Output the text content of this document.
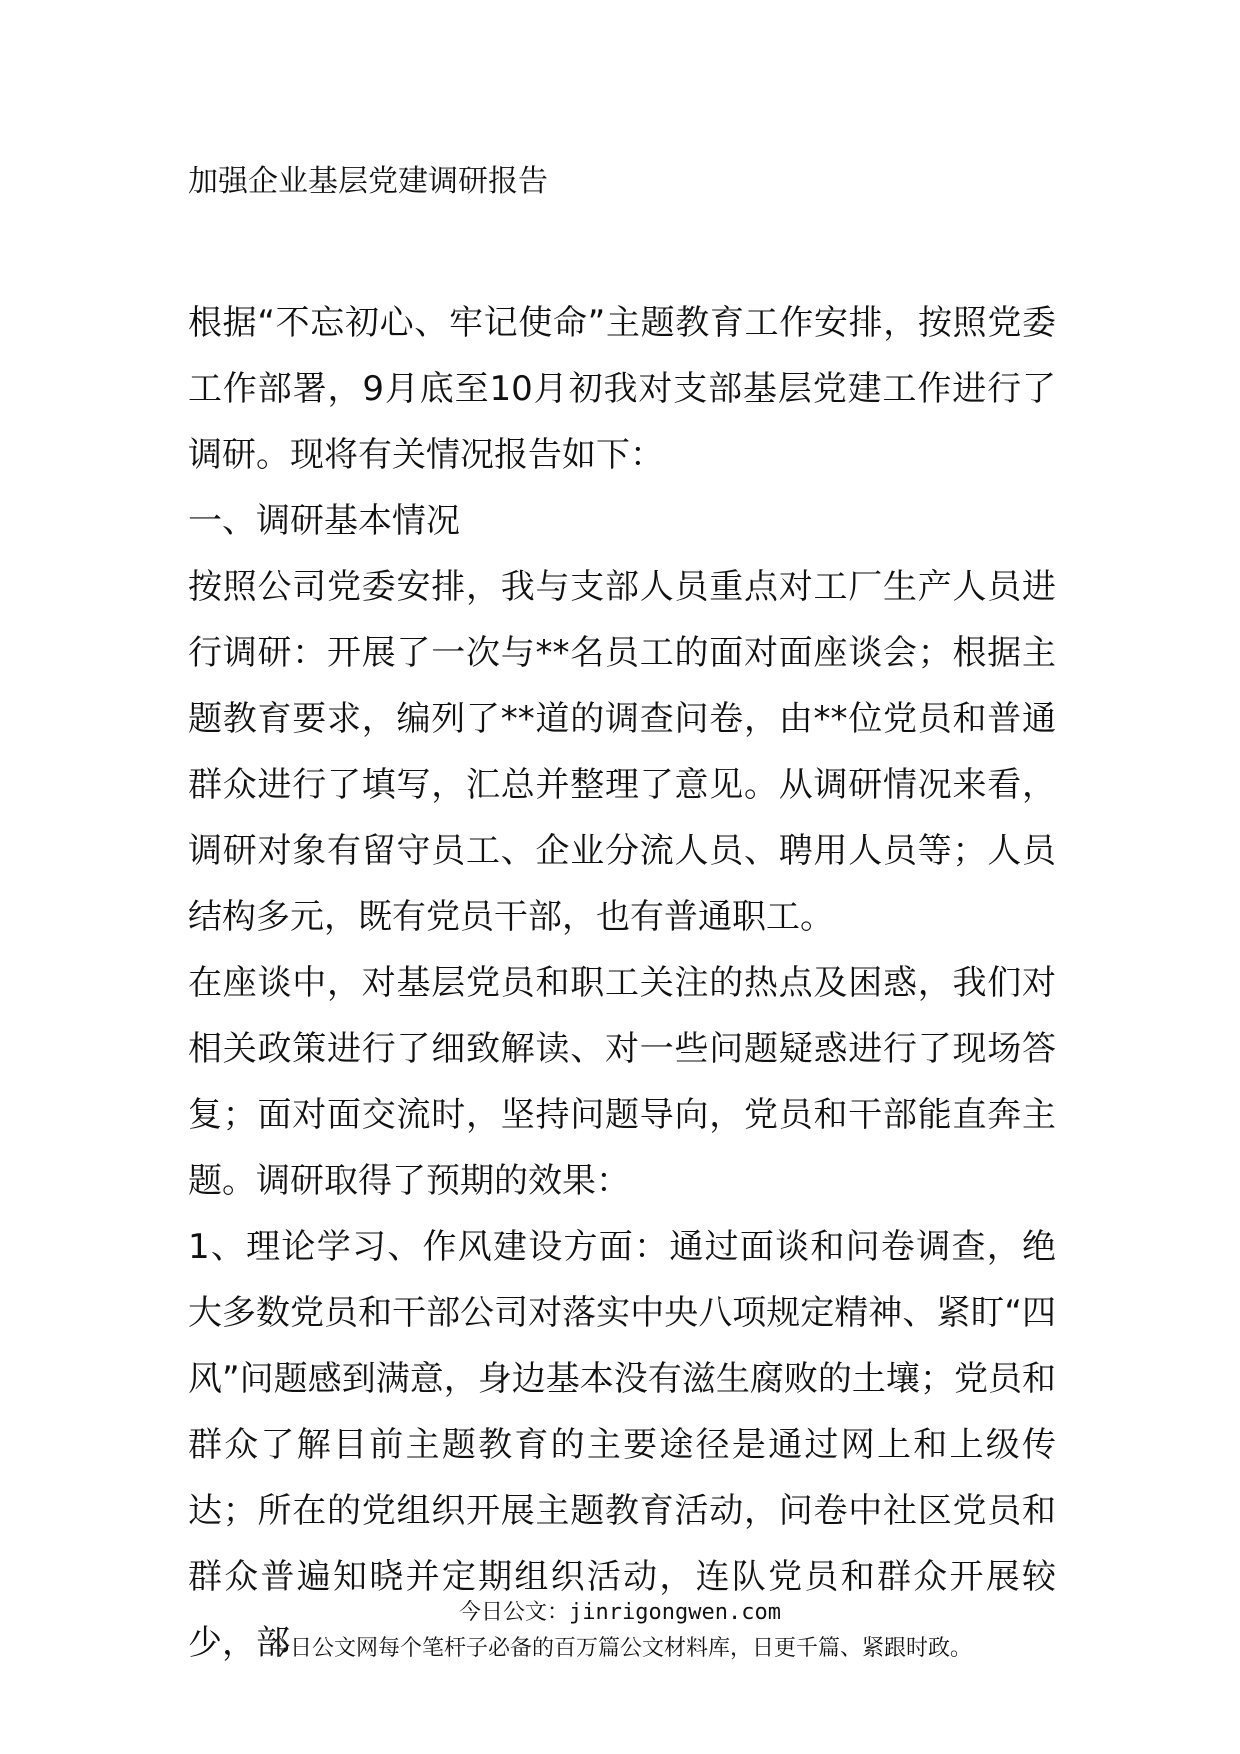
加强企业基层党建调研报告

根据“不忘初心、牢记使命”主题教育工作安排，按照党委工作部署，9月底至10月初我对支部基层党建工作进行了调研。现将有关情况报告如下：

一、调研基本情况

按照公司党委安排，我与支部人员重点对工厂生产人员进行调研：开展了一次与**名员工的面对面座谈会；根据主题教育要求，编列了**道的调查问卷，由**位党员和普通群众进行了填写，汇总并整理了意见。从调研情况来看，调研对象有留守员工、企业分流人员、聘用人员等；人员结构多元，既有党员干部，也有普通职工。

在座谈中，对基层党员和职工关注的热点及困惑，我们对相关政策进行了细致解读、对一些问题疑惑进行了现场答复；面对面交流时，坚持问题导向，党员和干部能直奔主题。调研取得了预期的效果：

1、理论学习、作风建设方面：通过面谈和问卷调查，绝大多数党员和干部公司对落实中央八项规定精神、紧盯“四风”问题感到满意，身边基本没有滋生腐败的土壤；党员和群众了解目前主题教育的主要途径是通过网上和上级传达；所在的党组织开展主题教育活动，问卷中社区党员和群众普遍知晓并定期组织活动，连队党员和群众开展较少，部

今日公文：jinrigongwen.com
今日公文网每个笔杆子必备的百万篇公文材料库，日更千篇、紧跟时政。
